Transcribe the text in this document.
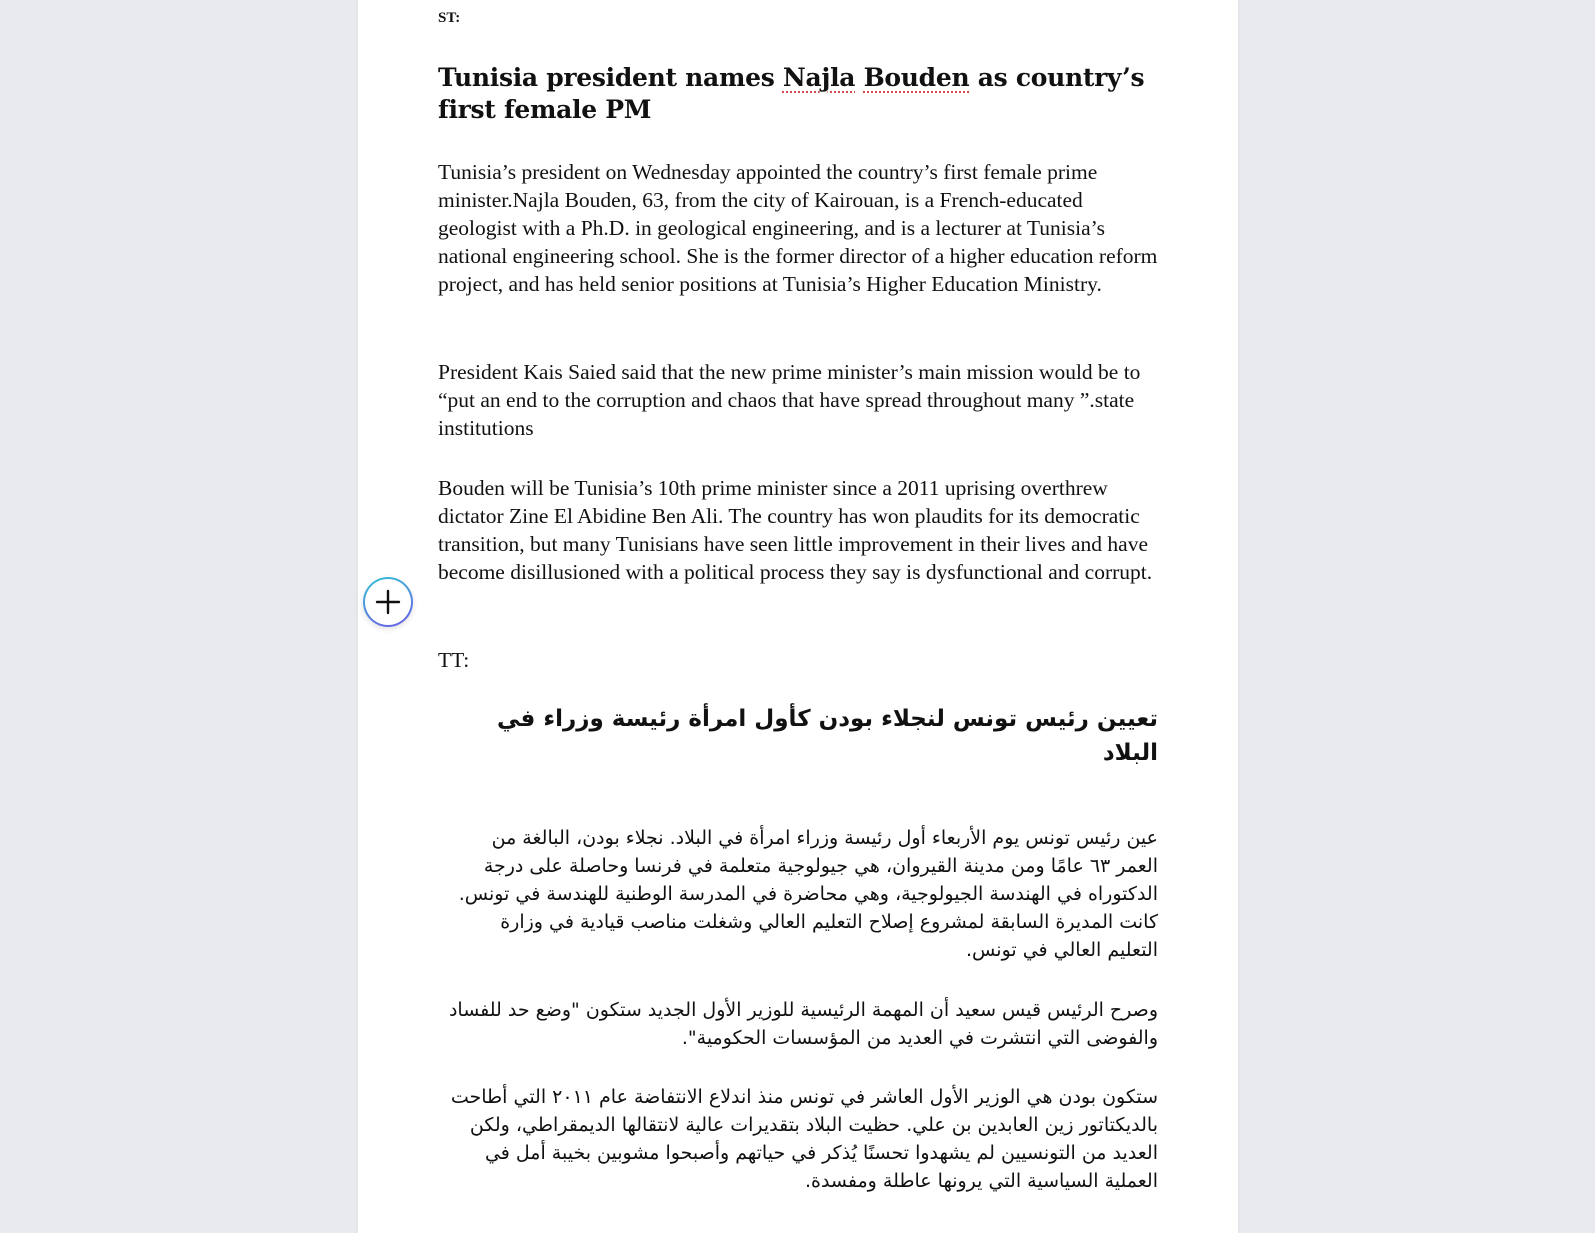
ST:

Tunisia president names Najla Bouden as country’s first female PM

Tunisia’s president on Wednesday appointed the country’s first female prime minister.Najla Bouden, 63, from the city of Kairouan, is a French-educated geologist with a Ph.D. in geological engineering, and is a lecturer at Tunisia’s national engineering school. She is the former director of a higher education reform project, and has held senior positions at Tunisia’s Higher Education Ministry.

President Kais Saied said that the new prime minister’s main mission would be to “put an end to the corruption and chaos that have spread throughout many ”.state institutions

Bouden will be Tunisia’s 10th prime minister since a 2011 uprising overthrew dictator Zine El Abidine Ben Ali. The country has won plaudits for its democratic transition, but many Tunisians have seen little improvement in their lives and have become disillusioned with a political process they say is dysfunctional and corrupt.

TT:

تعيين رئيس تونس لنجلاء بودن كأول امرأة رئيسة وزراء في البلاد

عين رئيس تونس يوم الأربعاء أول رئيسة وزراء امرأة في البلاد. نجلاء بودن، البالغة من العمر ٦٣ عامًا ومن مدينة القيروان، هي جيولوجية متعلمة في فرنسا وحاصلة على درجة الدكتوراه في الهندسة الجيولوجية، وهي محاضرة في المدرسة الوطنية للهندسة في تونس. كانت المديرة السابقة لمشروع إصلاح التعليم العالي وشغلت مناصب قيادية في وزارة التعليم العالي في تونس.

وصرح الرئيس قيس سعيد أن المهمة الرئيسية للوزير الأول الجديد ستكون "وضع حد للفساد والفوضى التي انتشرت في العديد من المؤسسات الحكومية".

ستكون بودن هي الوزير الأول العاشر في تونس منذ اندلاع الانتفاضة عام ٢٠١١ التي أطاحت بالديكتاتور زين العابدين بن علي. حظيت البلاد بتقديرات عالية لانتقالها الديمقراطي، ولكن العديد من التونسيين لم يشهدوا تحسنًا يُذكر في حياتهم وأصبحوا مشوبين بخيبة أمل في العملية السياسية التي يرونها عاطلة ومفسدة.
